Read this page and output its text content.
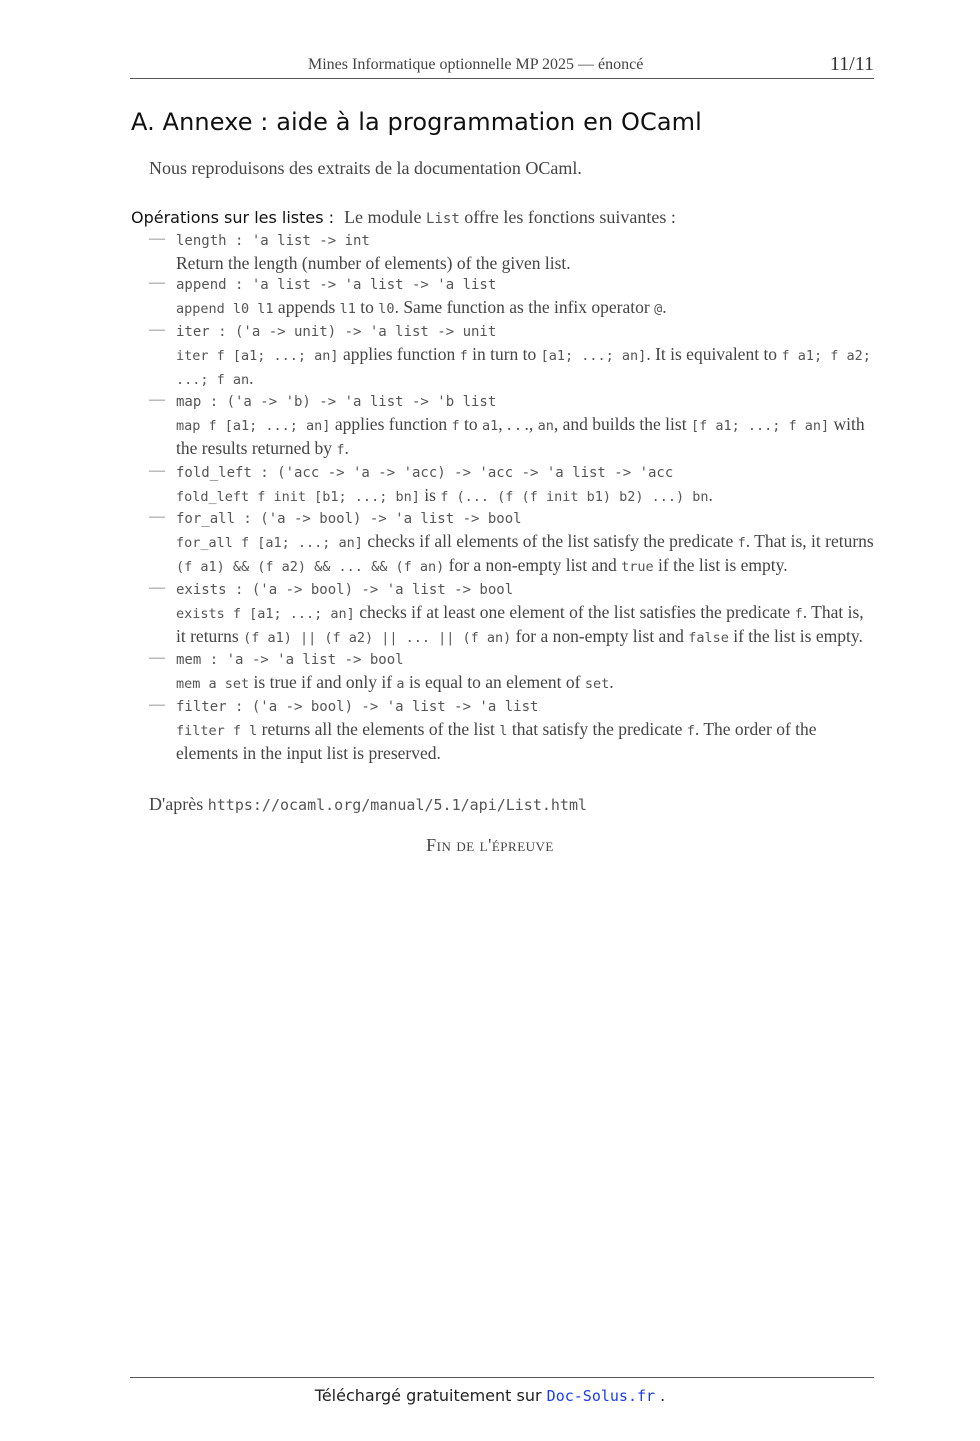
Mines Informatique optionnelle MP 2025 — énoncé	11/11
A. Annexe : aide à la programmation en OCaml
Nous reproduisons des extraits de la documentation OCaml.
Opérations sur les listes : Le module List offre les fonctions suivantes :
— length : 'a list -> int
Return the length (number of elements) of the given list.
— append : 'a list -> 'a list -> 'a list
append l0 l1 appends l1 to l0. Same function as the infix operator @.
— iter : ('a -> unit) -> 'a list -> unit
iter f [a1; ...; an] applies function f in turn to [a1; ...; an]. It is equivalent to f a1; f a2; ...; f an.
— map : ('a -> 'b) -> 'a list -> 'b list
map f [a1; ...; an] applies function f to a1, . . ., an, and builds the list [f a1; ...; f an] with the results returned by f.
— fold_left : ('acc -> 'a -> 'acc) -> 'acc -> 'a list -> 'acc
fold_left f init [b1; ...; bn] is f (... (f (f init b1) b2) ...) bn.
— for_all : ('a -> bool) -> 'a list -> bool
for_all f [a1; ...; an] checks if all elements of the list satisfy the predicate f. That is, it returns (f a1) && (f a2) && ... && (f an) for a non-empty list and true if the list is empty.
— exists : ('a -> bool) -> 'a list -> bool
exists f [a1; ...; an] checks if at least one element of the list satisfies the predicate f. That is, it returns (f a1) || (f a2) || ... || (f an) for a non-empty list and false if the list is empty.
— mem : 'a -> 'a list -> bool
mem a set is true if and only if a is equal to an element of set.
— filter : ('a -> bool) -> 'a list -> 'a list
filter f l returns all the elements of the list l that satisfy the predicate f. The order of the elements in the input list is preserved.
D'après https://ocaml.org/manual/5.1/api/List.html
Fin de l'épreuve
Téléchargé gratuitement sur Doc-Solus.fr .
